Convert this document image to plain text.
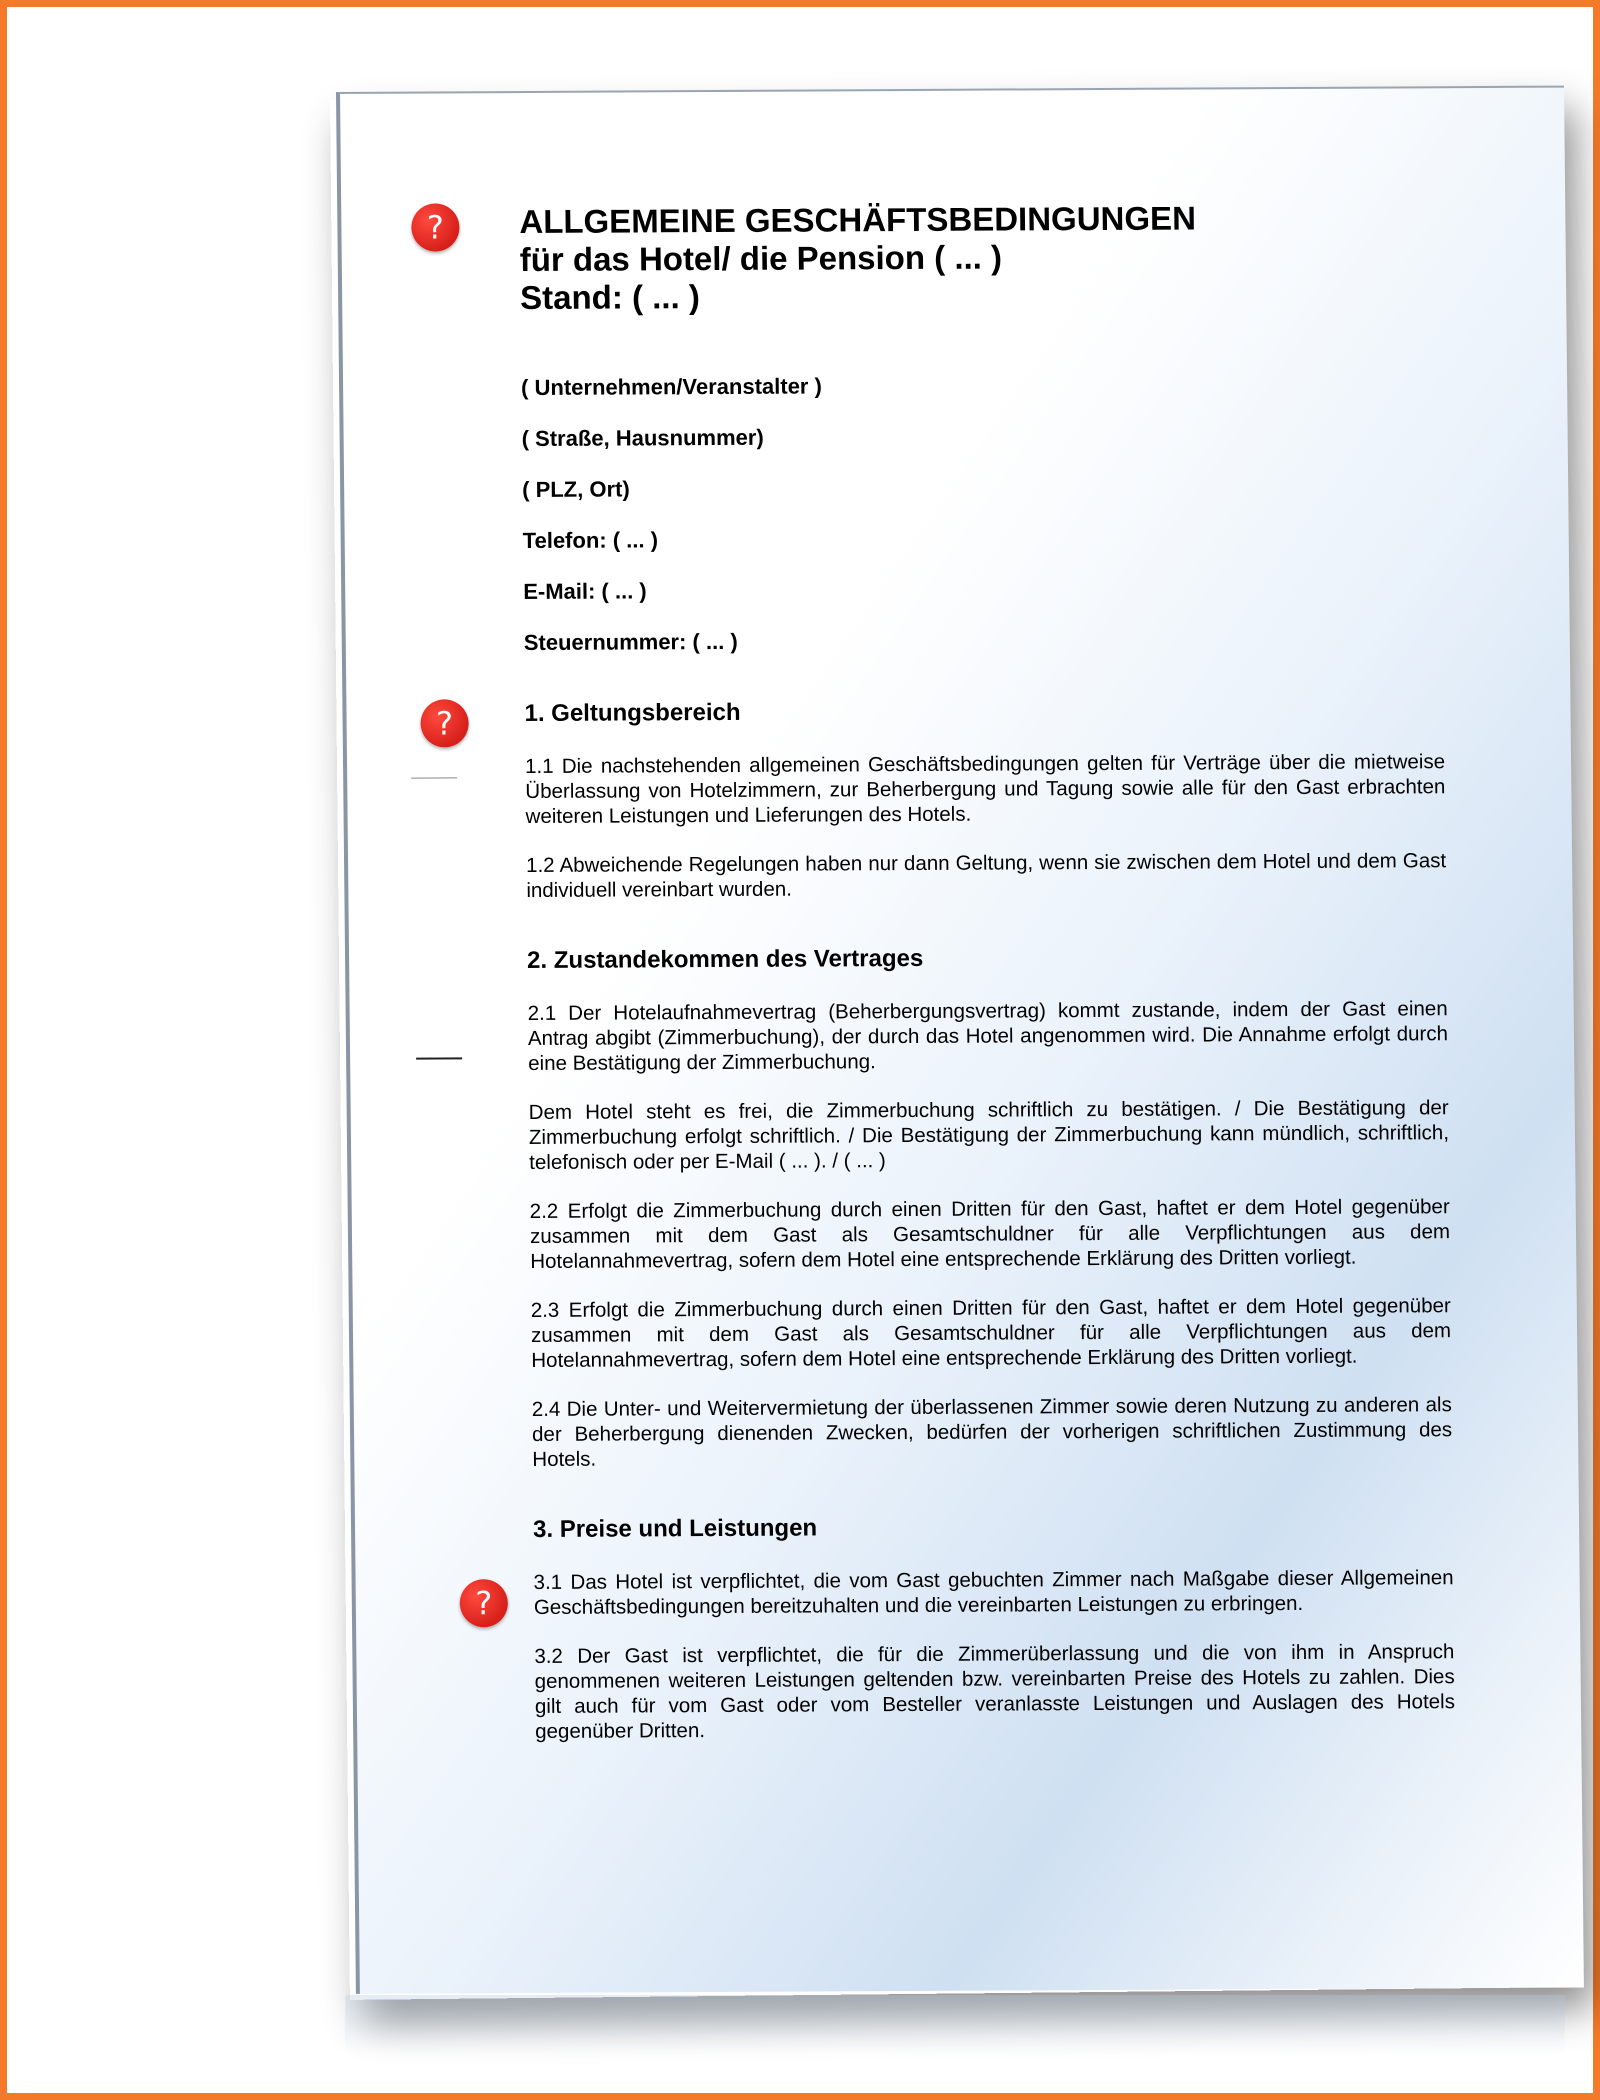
?
?
?

ALLGEMEINE GESCHÄFTSBEDINGUNGEN

für das Hotel/ die Pension ( ... )

Stand: ( ... )

( Unternehmen/Veranstalter )

( Straße, Hausnummer)

( PLZ, Ort)

Telefon: ( ... )

E-Mail: ( ... )

Steuernummer: ( ... )

1. Geltungsbereich

1.1 Die nachstehenden allgemeinen Geschäftsbedingungen gelten für Verträge über die mietweise Überlassung von Hotelzimmern, zur Beherbergung und Tagung sowie alle für den Gast erbrachten weiteren Leistungen und Lieferungen des Hotels.

1.2 Abweichende Regelungen haben nur dann Geltung, wenn sie zwischen dem Hotel und dem Gast individuell vereinbart wurden.

2. Zustandekommen des Vertrages

2.1 Der Hotelaufnahmevertrag (Beherbergungsvertrag) kommt zustande, indem der Gast einen Antrag abgibt (Zimmerbuchung), der durch das Hotel angenommen wird. Die Annahme erfolgt durch eine Bestätigung der Zimmerbuchung.

Dem Hotel steht es frei, die Zimmerbuchung schriftlich zu bestätigen. / Die Bestätigung der Zimmerbuchung erfolgt schriftlich. / Die Bestätigung der Zimmerbuchung kann mündlich, schriftlich, telefonisch oder per E-Mail ( ... ). / ( ... )

2.2 Erfolgt die Zimmerbuchung durch einen Dritten für den Gast, haftet er dem Hotel gegenüber zusammen mit dem Gast als Gesamtschuldner für alle Verpflichtungen aus dem Hotelannahmevertrag, sofern dem Hotel eine entsprechende Erklärung des Dritten vorliegt.

2.3 Erfolgt die Zimmerbuchung durch einen Dritten für den Gast, haftet er dem Hotel gegenüber zusammen mit dem Gast als Gesamtschuldner für alle Verpflichtungen aus dem Hotelannahmevertrag, sofern dem Hotel eine entsprechende Erklärung des Dritten vorliegt.

2.4 Die Unter- und Weitervermietung der überlassenen Zimmer sowie deren Nutzung zu anderen als der Beherbergung dienenden Zwecken, bedürfen der vorherigen schriftlichen Zustimmung des Hotels.

3. Preise und Leistungen

3.1 Das Hotel ist verpflichtet, die vom Gast gebuchten Zimmer nach Maßgabe dieser Allgemeinen Geschäftsbedingungen bereitzuhalten und die vereinbarten Leistungen zu erbringen.

3.2 Der Gast ist verpflichtet, die für die Zimmerüberlassung und die von ihm in Anspruch genommenen weiteren Leistungen geltenden bzw. vereinbarten Preise des Hotels zu zahlen. Dies gilt auch für vom Gast oder vom Besteller veranlasste Leistungen und Auslagen des Hotels gegenüber Dritten.
